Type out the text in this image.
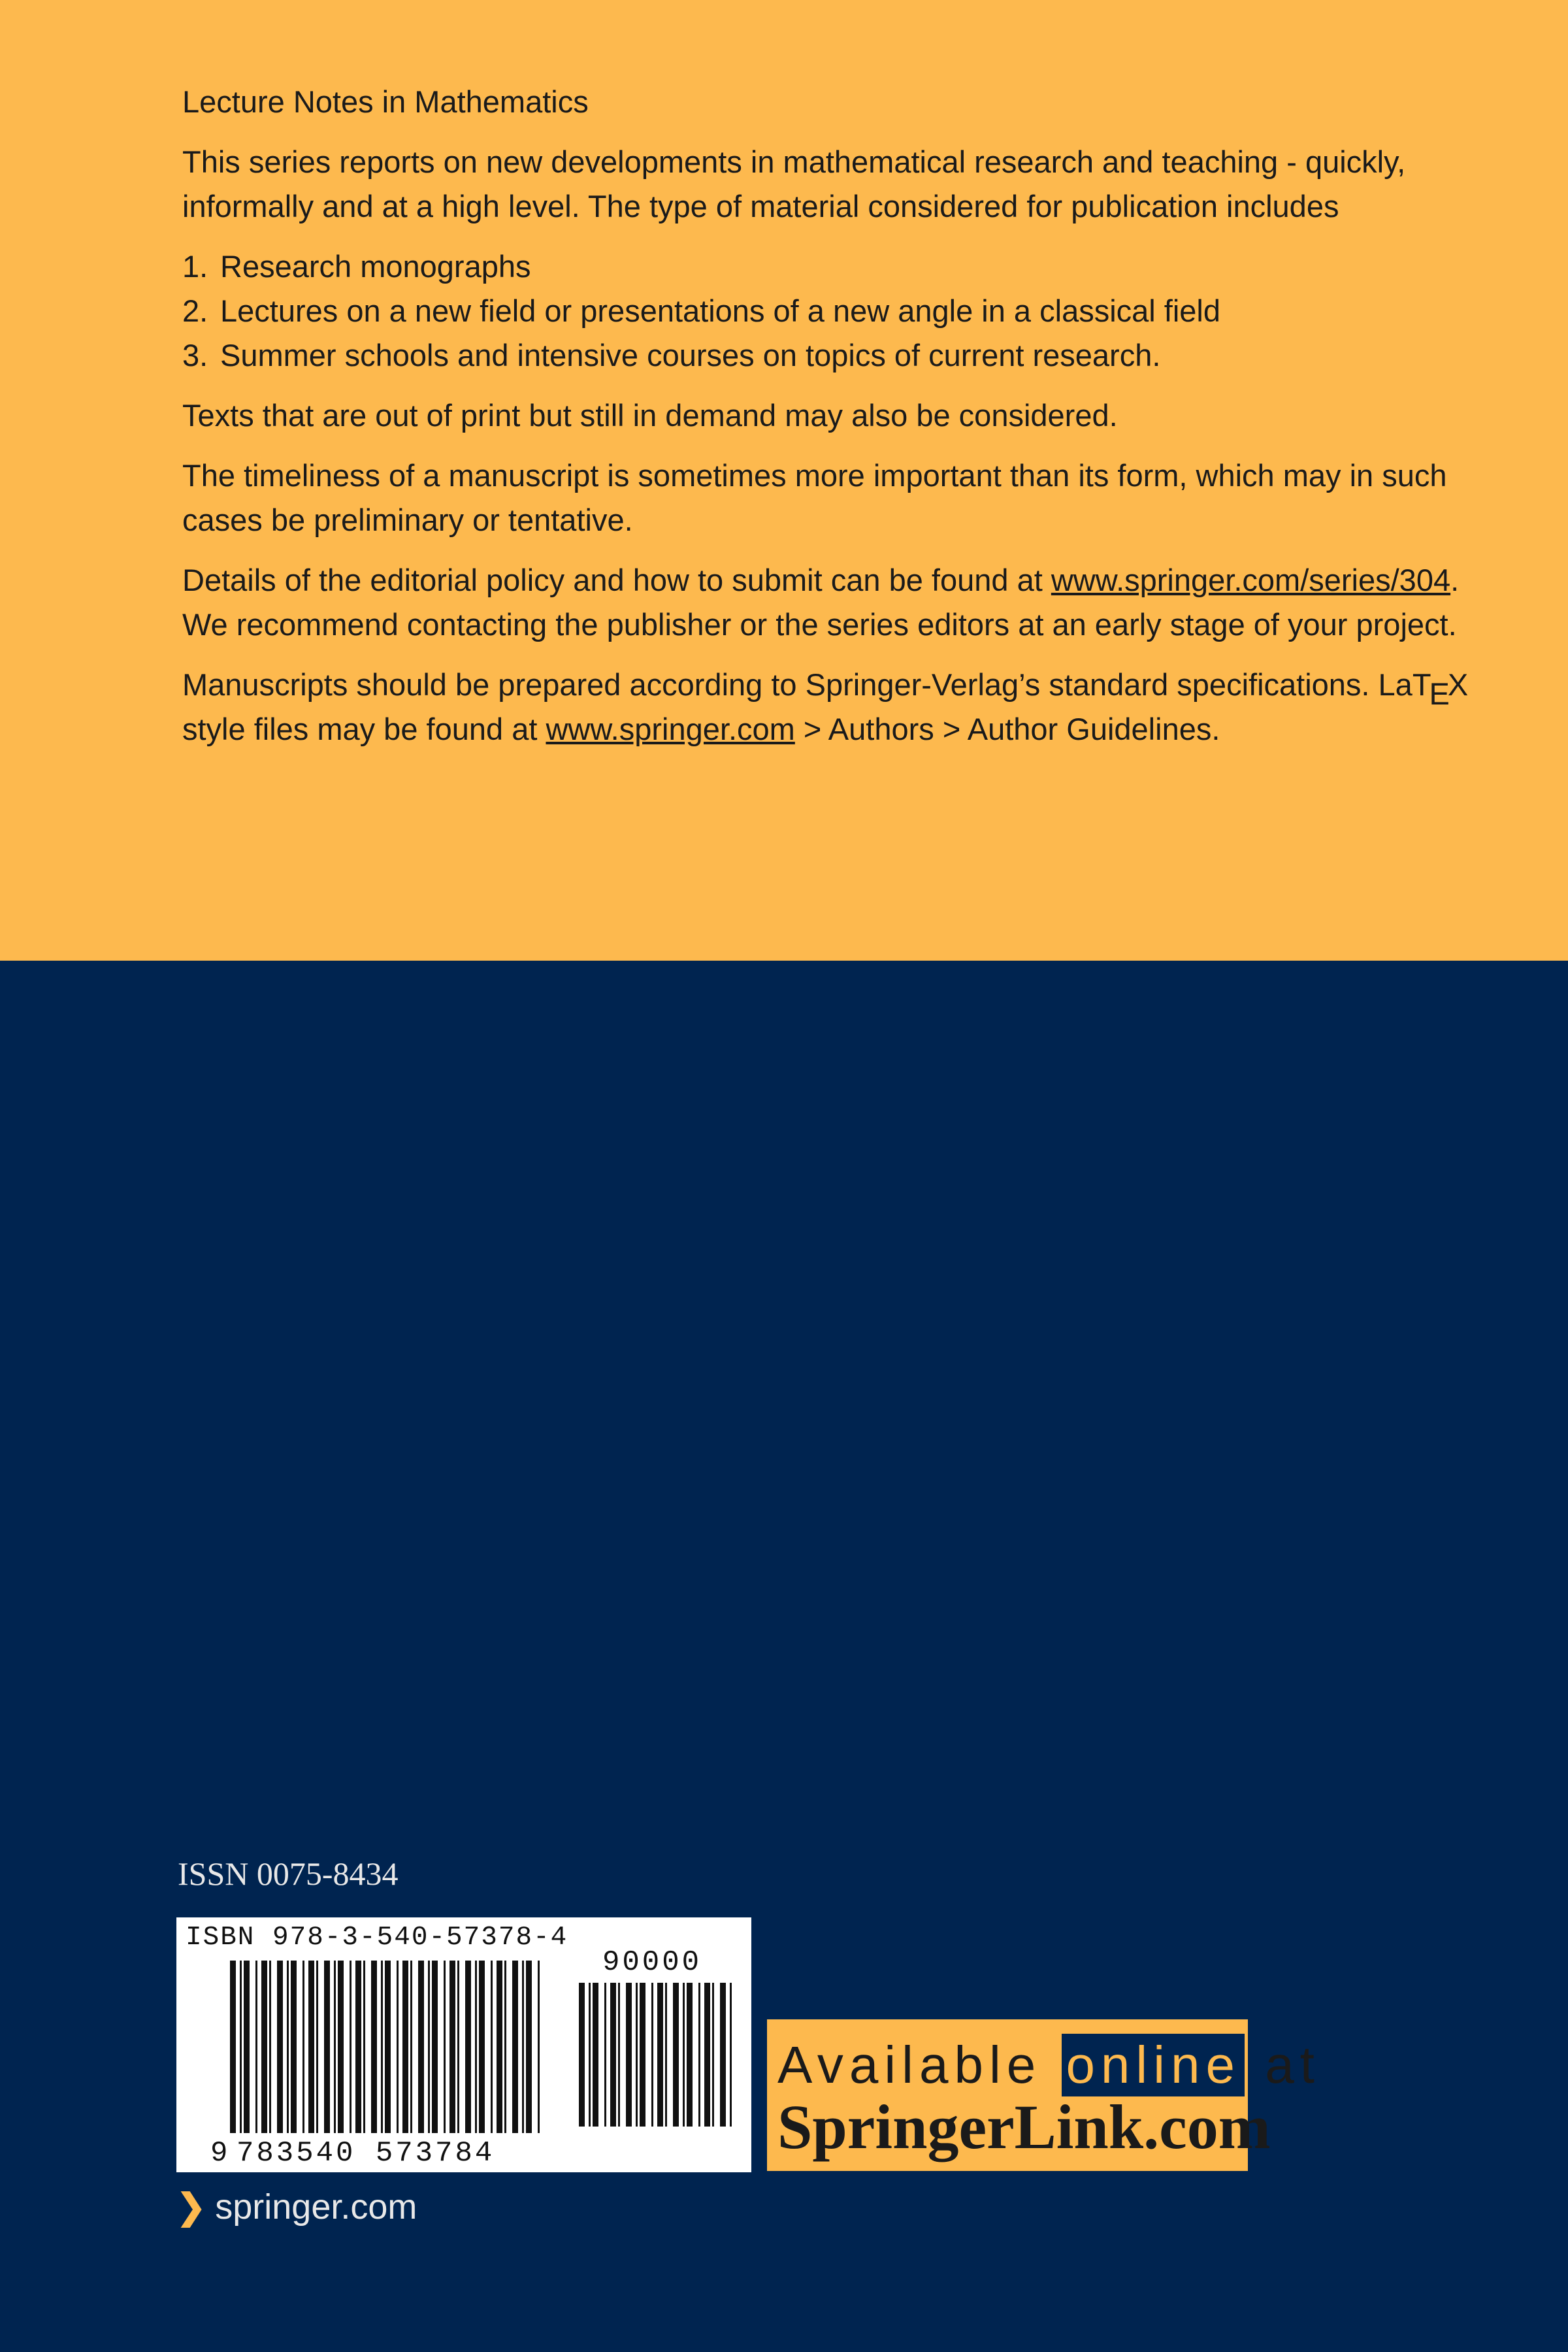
Lecture Notes in Mathematics

This series reports on new developments in mathematical research and teaching - quickly, informally and at a high level. The type of material considered for publication includes

1. Research monographs
2. Lectures on a new field or presentations of a new angle in a classical field
3. Summer schools and intensive courses on topics of current research.

Texts that are out of print but still in demand may also be considered.

The timeliness of a manuscript is sometimes more important than its form, which may in such cases be preliminary or tentative.

Details of the editorial policy and how to submit can be found at www.springer.com/series/304. We recommend contacting the publisher or the series editors at an early stage of your project.

Manuscripts should be prepared according to Springer-Verlag’s standard specifications. LaTEX style files may be found at www.springer.com > Authors > Author Guidelines.

ISSN 0075-8434
ISBN 978-3-540-57378-4
90000
9 783540 573784
Available online at
SpringerLink.com
❯ springer.com
